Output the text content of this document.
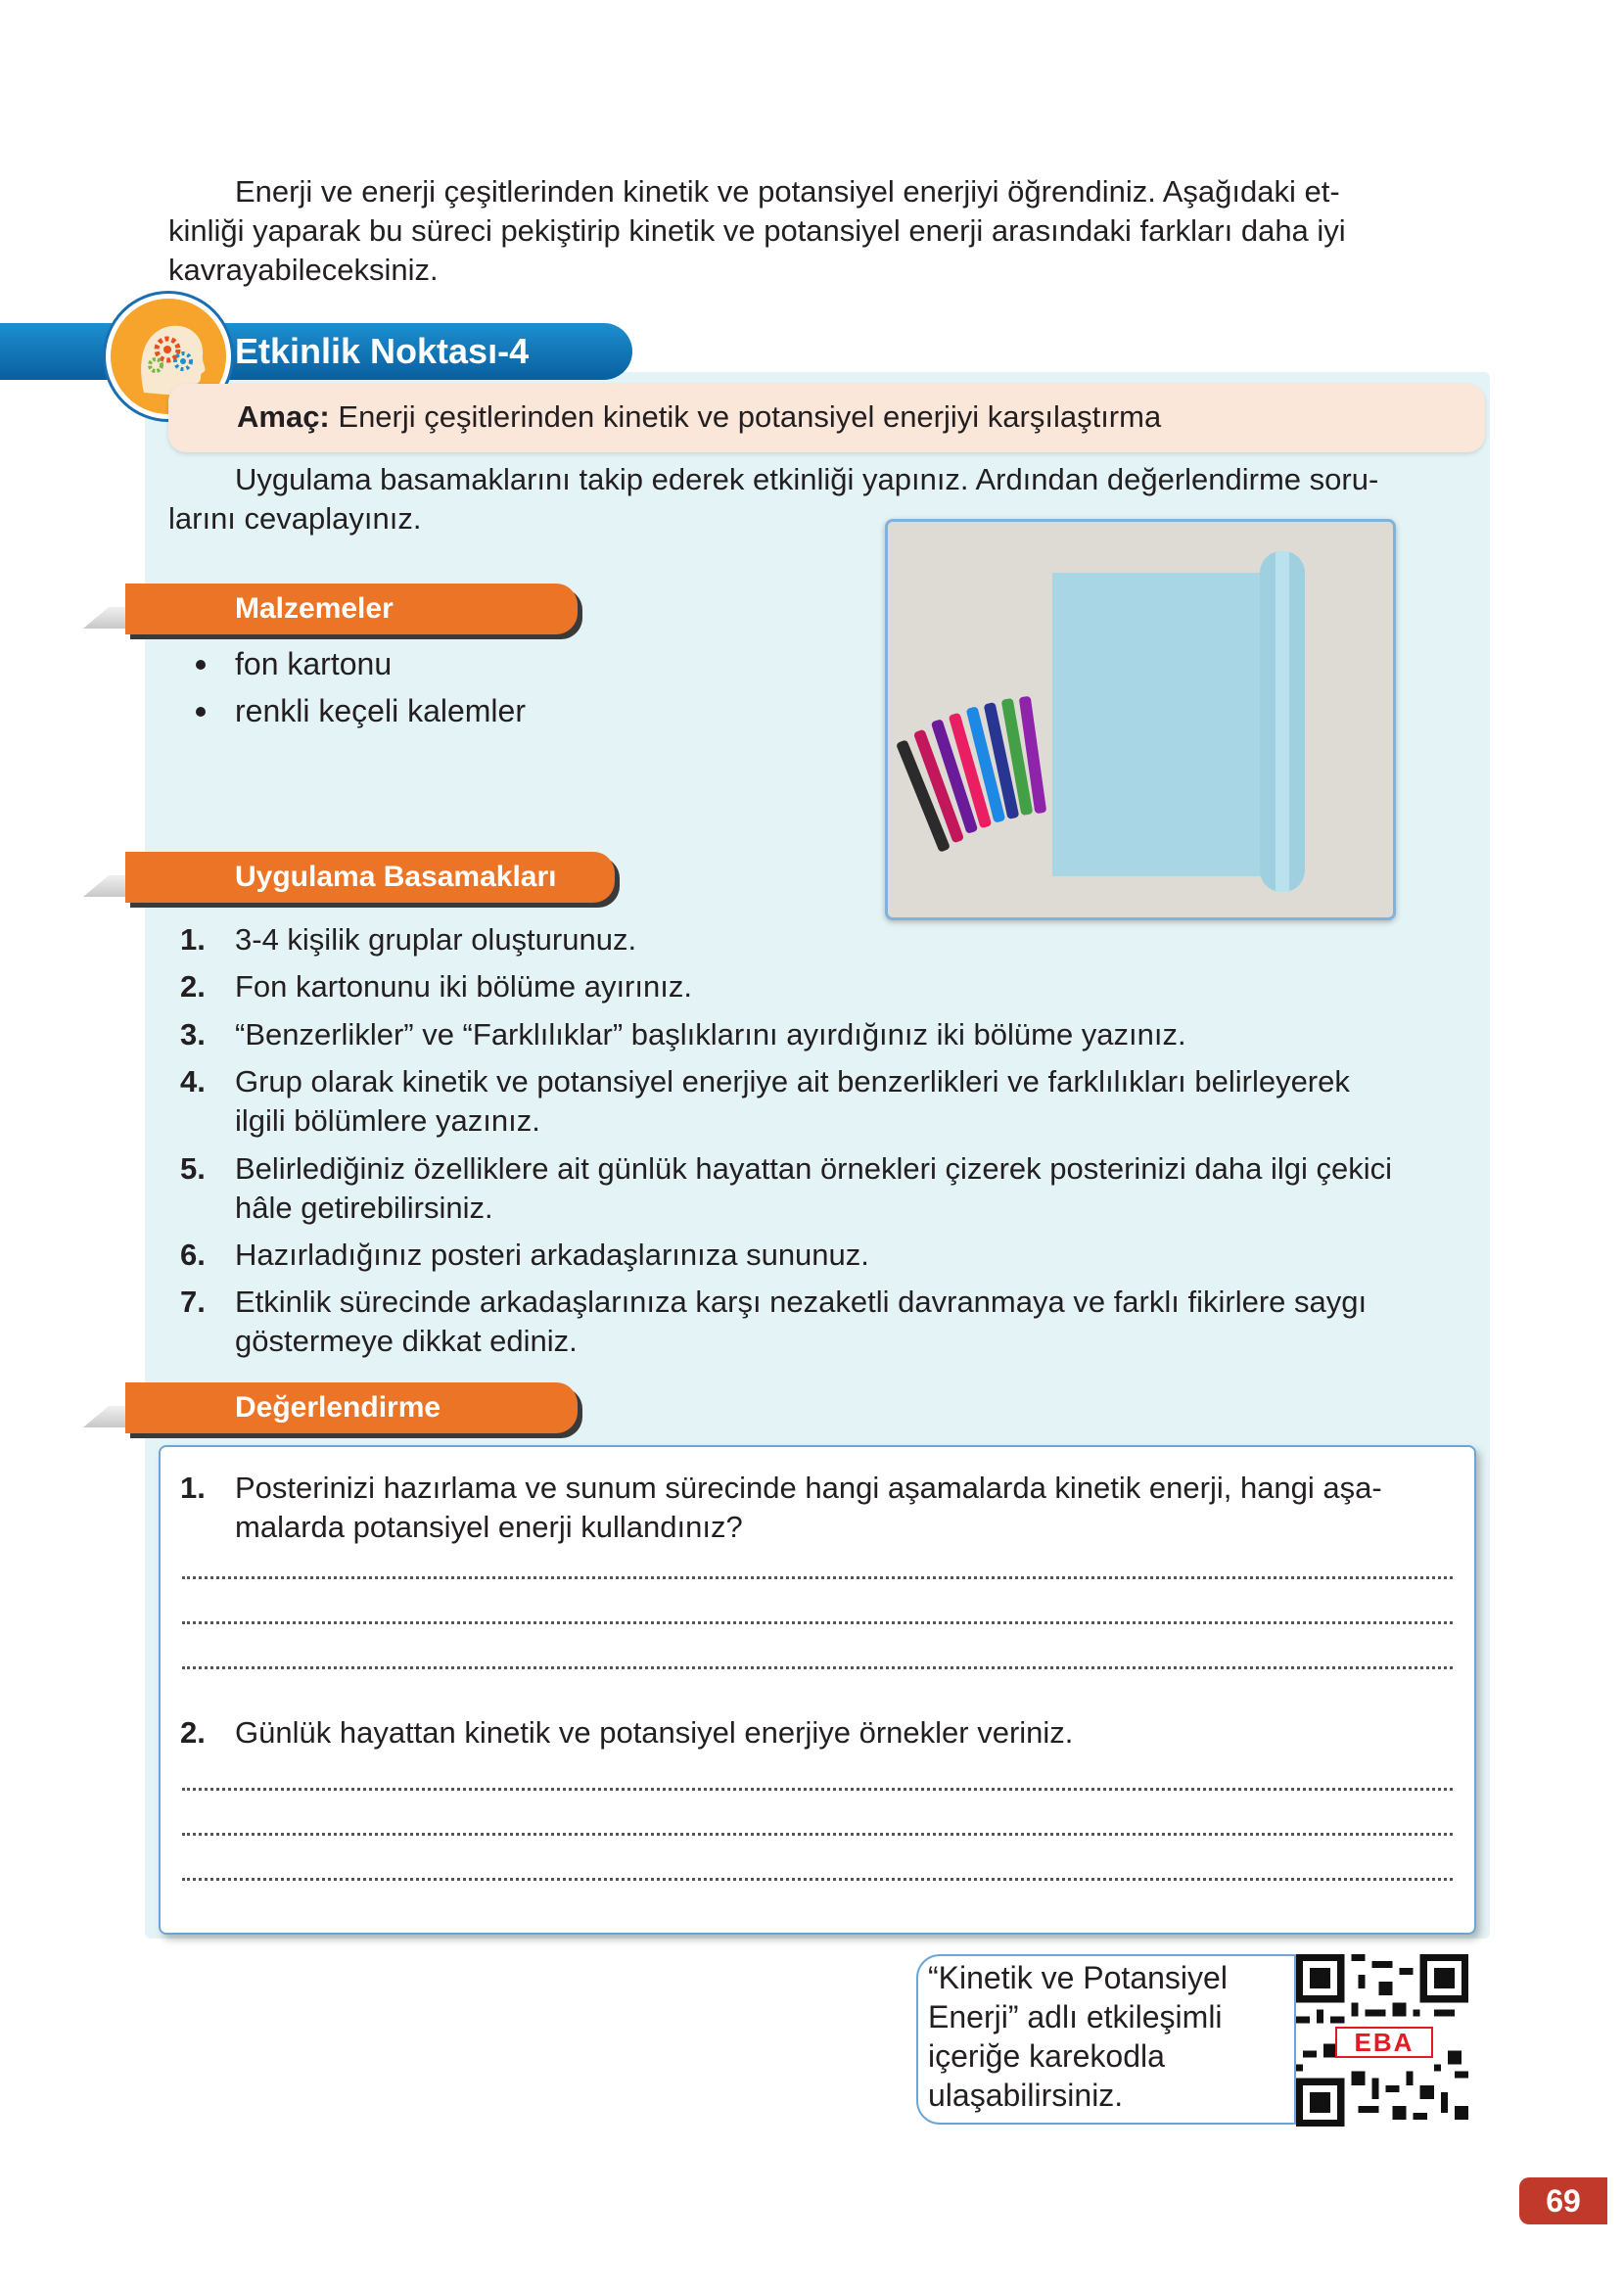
Enerji ve enerji çeşitlerinden kinetik ve potansiyel enerjiyi öğrendiniz. Aşağıdaki et-

kinliği yaparak bu süreci pekiştirip kinetik ve potansiyel enerji arasındaki farkları daha iyi

kavrayabileceksiniz.

Etkinlik Noktası-4
Amaç: Enerji çeşitlerinden kinetik ve potansiyel enerjiyi karşılaştırma

Uygulama basamaklarını takip ederek etkinliği yapınız. Ardından değerlendirme soru-

larını cevaplayınız.

Malzemeler
fon kartonu
renkli keçeli kalemler
Uygulama Basamakları
1. 3-4 kişilik gruplar oluşturunuz.

2. Fon kartonunu iki bölüme ayırınız.

3. “Benzerlikler” ve “Farklılıklar” başlıklarını ayırdığınız iki bölüme yazınız.

4. Grup olarak kinetik ve potansiyel enerjiye ait benzerlikleri ve farklılıkları belirleyerek

ilgili bölümlere yazınız.

5. Belirlediğiniz özelliklere ait günlük hayattan örnekleri çizerek posterinizi daha ilgi çekici

hâle getirebilirsiniz.

6. Hazırladığınız posteri arkadaşlarınıza sununuz.

7. Etkinlik sürecinde arkadaşlarınıza karşı nezaketli davranmaya ve farklı fikirlere saygı

göstermeye dikkat ediniz.

Değerlendirme
1. Posterinizi hazırlama ve sunum sürecinde hangi aşamalarda kinetik enerji, hangi aşa-

malarda potansiyel enerji kullandınız?

2. Günlük hayattan kinetik ve potansiyel enerjiye örnekler veriniz.

“Kinetik ve Potansiyel

Enerji” adlı etkileşimli

içeriğe karekodla

ulaşabilirsiniz.

EBA
69
